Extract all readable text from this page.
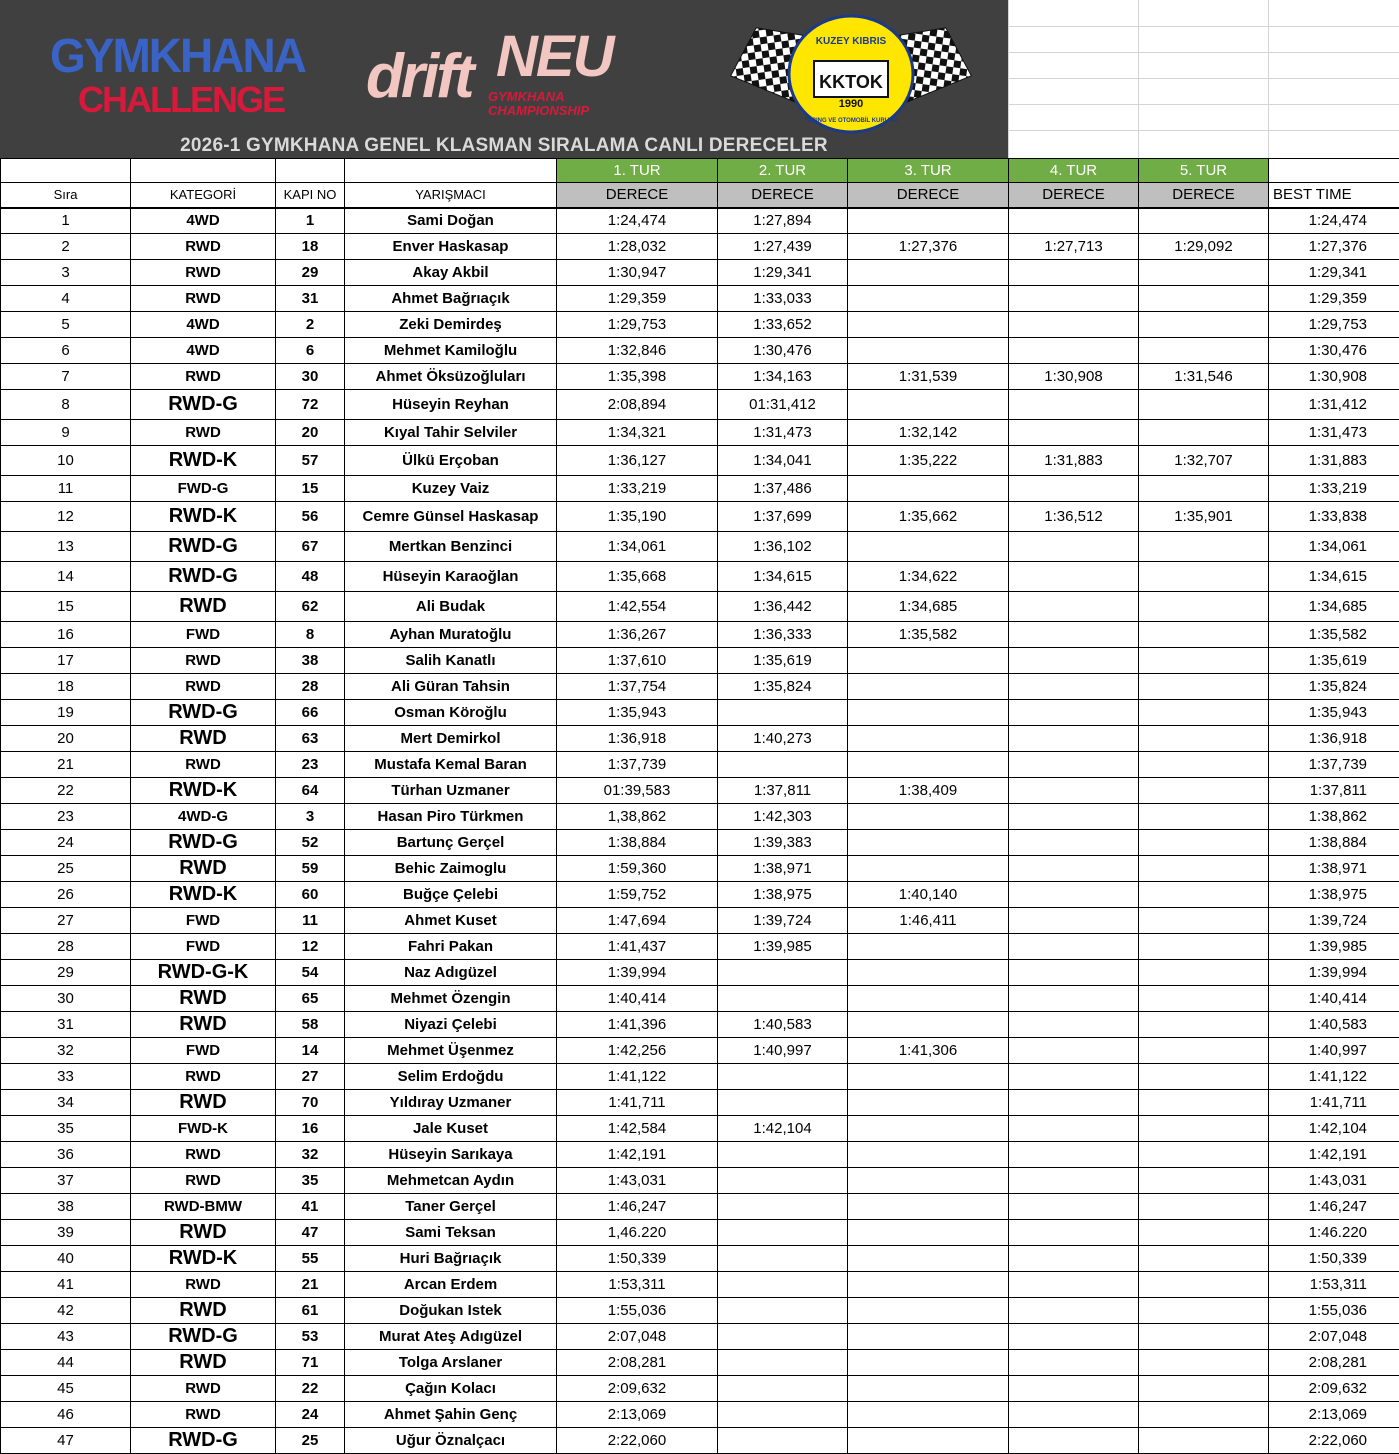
GYMKHANA
CHALLENGE drift NEU
GYMKHANA CHAMPIONSHIP
KUZEY KIBRIS
KKTOK
1990
TURING VE OTOMOBİL KURUMU
2026-1 GYMKHANA GENEL KLASMAN SIRALAMA CANLI DERECELER
				1. TUR	2. TUR	3. TUR	4. TUR	5. TUR	
Sıra	KATEGORİ	KAPI NO	YARIŞMACI	DERECE	DERECE	DERECE	DERECE	DERECE	BEST TIME
1	4WD	1	Sami Doğan	1:24,474	1:27,894				1:24,474
2	RWD	18	Enver Haskasap	1:28,032	1:27,439	1:27,376	1:27,713	1:29,092	1:27,376
3	RWD	29	Akay Akbil	1:30,947	1:29,341				1:29,341
4	RWD	31	Ahmet Bağrıaçık	1:29,359	1:33,033				1:29,359
5	4WD	2	Zeki Demirdeş	1:29,753	1:33,652				1:29,753
6	4WD	6	Mehmet Kamiloğlu	1:32,846	1:30,476				1:30,476
7	RWD	30	Ahmet Öksüzoğluları	1:35,398	1:34,163	1:31,539	1:30,908	1:31,546	1:30,908
8	RWD-G	72	Hüseyin Reyhan	2:08,894	01:31,412				1:31,412
9	RWD	20	Kıyal Tahir Selviler	1:34,321	1:31,473	1:32,142			1:31,473
10	RWD-K	57	Ülkü Erçoban	1:36,127	1:34,041	1:35,222	1:31,883	1:32,707	1:31,883
11	FWD-G	15	Kuzey Vaiz	1:33,219	1:37,486				1:33,219
12	RWD-K	56	Cemre Günsel Haskasap	1:35,190	1:37,699	1:35,662	1:36,512	1:35,901	1:33,838
13	RWD-G	67	Mertkan Benzinci	1:34,061	1:36,102				1:34,061
14	RWD-G	48	Hüseyin Karaoğlan	1:35,668	1:34,615	1:34,622			1:34,615
15	RWD	62	Ali Budak	1:42,554	1:36,442	1:34,685			1:34,685
16	FWD	8	Ayhan Muratoğlu	1:36,267	1:36,333	1:35,582			1:35,582
17	RWD	38	Salih Kanatlı	1:37,610	1:35,619				1:35,619
18	RWD	28	Ali Güran Tahsin	1:37,754	1:35,824				1:35,824
19	RWD-G	66	Osman Köroğlu	1:35,943					1:35,943
20	RWD	63	Mert Demirkol	1:36,918	1:40,273				1:36,918
21	RWD	23	Mustafa Kemal Baran	1:37,739					1:37,739
22	RWD-K	64	Türhan Uzmaner	01:39,583	1:37,811	1:38,409			1:37,811
23	4WD-G	3	Hasan Piro Türkmen	1,38,862	1:42,303				1:38,862
24	RWD-G	52	Bartunç Gerçel	1:38,884	1:39,383				1:38,884
25	RWD	59	Behic Zaimoglu	1:59,360	1:38,971				1:38,971
26	RWD-K	60	Buğçe Çelebi	1:59,752	1:38,975	1:40,140			1:38,975
27	FWD	11	Ahmet Kuset	1:47,694	1:39,724	1:46,411			1:39,724
28	FWD	12	Fahri Pakan	1:41,437	1:39,985				1:39,985
29	RWD-G-K	54	Naz Adıgüzel	1:39,994					1:39,994
30	RWD	65	Mehmet Özengin	1:40,414					1:40,414
31	RWD	58	Niyazi Çelebi	1:41,396	1:40,583				1:40,583
32	FWD	14	Mehmet Üşenmez	1:42,256	1:40,997	1:41,306			1:40,997
33	RWD	27	Selim Erdoğdu	1:41,122					1:41,122
34	RWD	70	Yıldıray Uzmaner	1:41,711					1:41,711
35	FWD-K	16	Jale Kuset	1:42,584	1:42,104				1:42,104
36	RWD	32	Hüseyin Sarıkaya	1:42,191					1:42,191
37	RWD	35	Mehmetcan Aydın	1:43,031					1:43,031
38	RWD-BMW	41	Taner Gerçel	1:46,247					1:46,247
39	RWD	47	Sami Teksan	1,46.220					1:46.220
40	RWD-K	55	Huri Bağrıaçık	1:50,339					1:50,339
41	RWD	21	Arcan Erdem	1:53,311					1:53,311
42	RWD	61	Doğukan Istek	1:55,036					1:55,036
43	RWD-G	53	Murat Ateş Adıgüzel	2:07,048					2:07,048
44	RWD	71	Tolga Arslaner	2:08,281					2:08,281
45	RWD	22	Çağın Kolacı	2:09,632					2:09,632
46	RWD	24	Ahmet Şahin Genç	2:13,069					2:13,069
47	RWD-G	25	Uğur Öznalçacı	2:22,060					2:22,060
